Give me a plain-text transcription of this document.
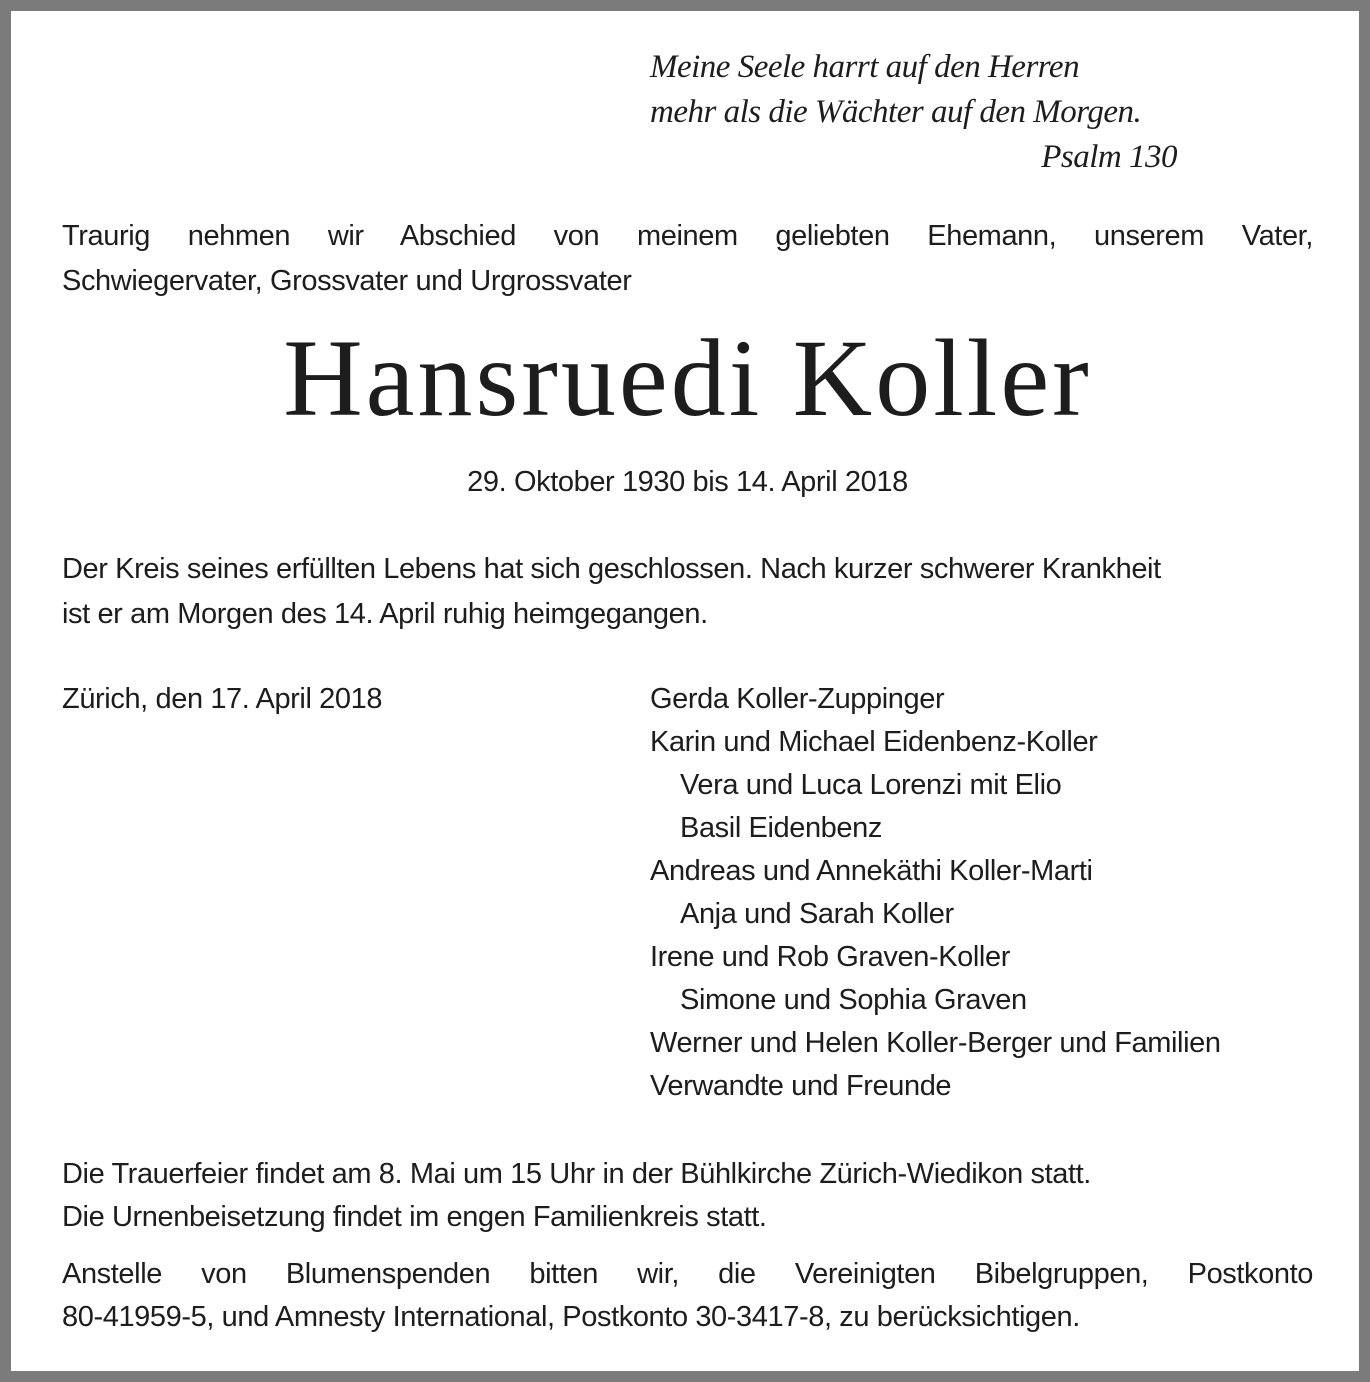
Meine Seele harrt auf den Herren
mehr als die Wächter auf den Morgen.
Psalm 130
Traurig nehmen wir Abschied von meinem geliebten Ehemann, unserem Vater,
Schwiegervater, Grossvater und Urgrossvater
Hansruedi Koller
29. Oktober 1930 bis 14. April 2018
Der Kreis seines erfüllten Lebens hat sich geschlossen. Nach kurzer schwerer Krankheit
ist er am Morgen des 14. April ruhig heimgegangen.
Zürich, den 17. April 2018	Gerda Koller-Zuppinger
Karin und Michael Eidenbenz-Koller
Vera und Luca Lorenzi mit Elio
Basil Eidenbenz
Andreas und Annekäthi Koller-Marti
Anja und Sarah Koller
Irene und Rob Graven-Koller
Simone und Sophia Graven
Werner und Helen Koller-Berger und Familien
Verwandte und Freunde
Die Trauerfeier findet am 8. Mai um 15 Uhr in der Bühlkirche Zürich-Wiedikon statt.
Die Urnenbeisetzung findet im engen Familienkreis statt.
Anstelle von Blumenspenden bitten wir, die Vereinigten Bibelgruppen, Postkonto
80-41959-5, und Amnesty International, Postkonto 30-3417-8, zu berücksichtigen.
